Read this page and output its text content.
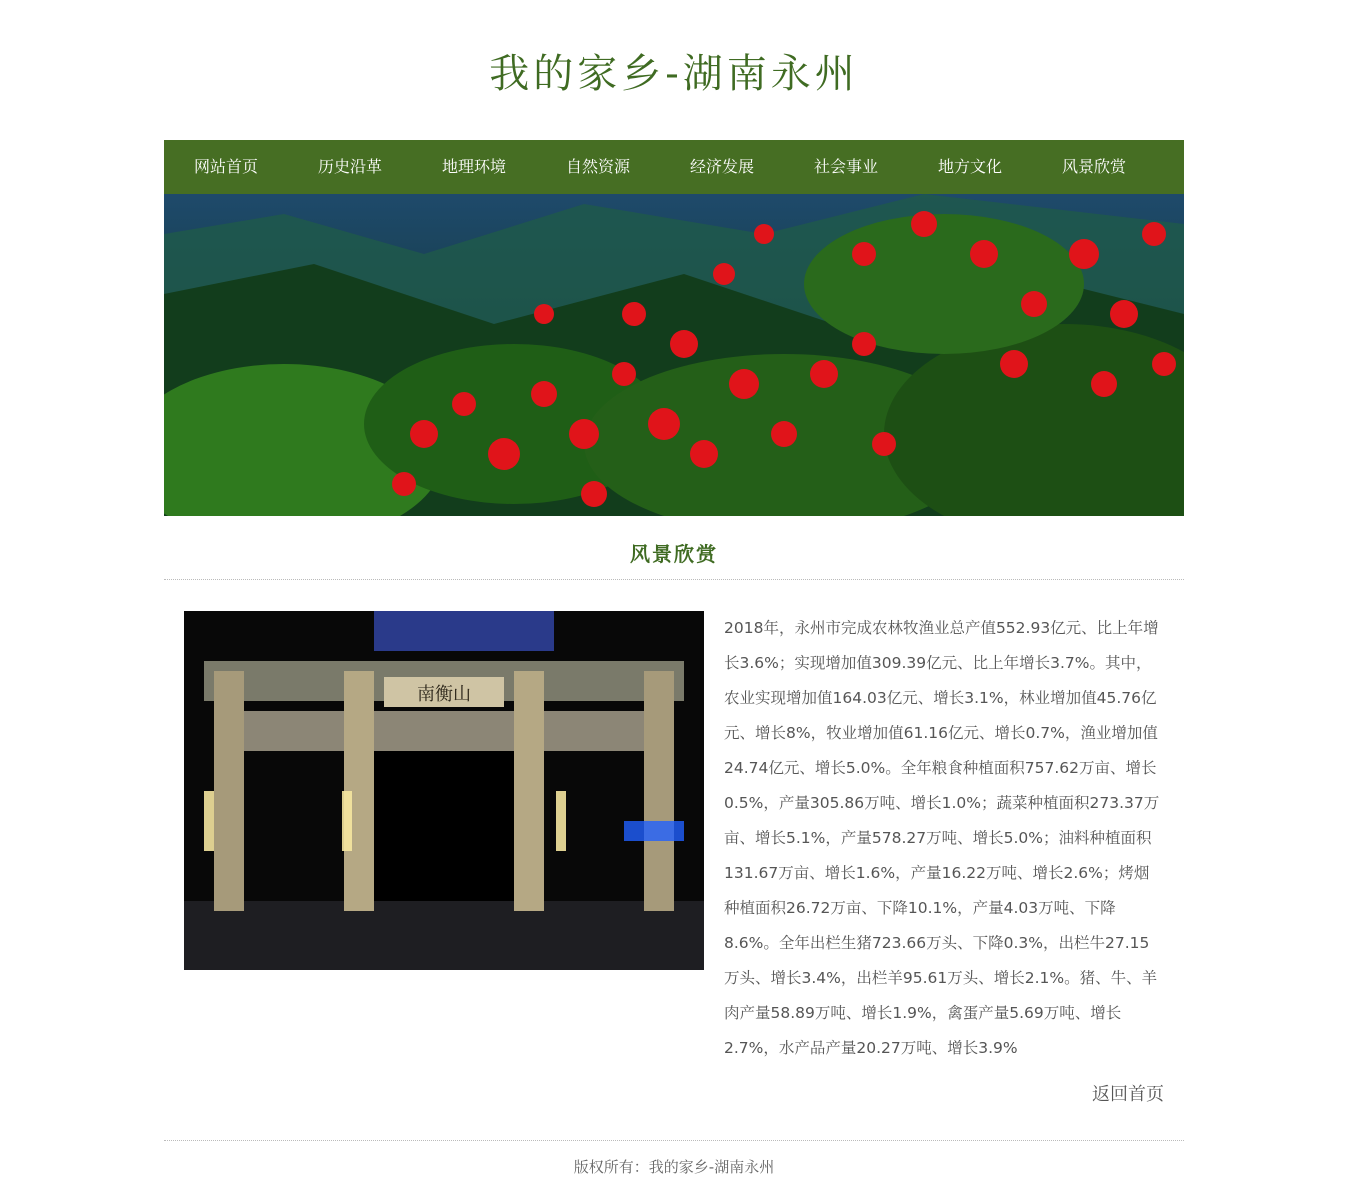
我的家乡-湖南永州
网站首页	历史沿革	地理环境	自然资源	经济发展	社会事业	地方文化	风景欣赏
风景欣赏
南衡山

2018年，永州市完成农林牧渔业总产值552.93亿元、比上年增长3.6%；实现增加值309.39亿元、比上年增长3.7%。其中，农业实现增加值164.03亿元、增长3.1%，林业增加值45.76亿元、增长8%，牧业增加值61.16亿元、增长0.7%，渔业增加值24.74亿元、增长5.0%。全年粮食种植面积757.62万亩、增长0.5%，产量305.86万吨、增长1.0%；蔬菜种植面积273.37万亩、增长5.1%，产量578.27万吨、增长5.0%；油料种植面积131.67万亩、增长1.6%，产量16.22万吨、增长2.6%；烤烟种植面积26.72万亩、下降10.1%，产量4.03万吨、下降8.6%。全年出栏生猪723.66万头、下降0.3%，出栏牛27.15万头、增长3.4%，出栏羊95.61万头、增长2.1%。猪、牛、羊肉产量58.89万吨、增长1.9%，禽蛋产量5.69万吨、增长2.7%，水产品产量20.27万吨、增长3.9%

返回首页
版权所有：我的家乡-湖南永州
